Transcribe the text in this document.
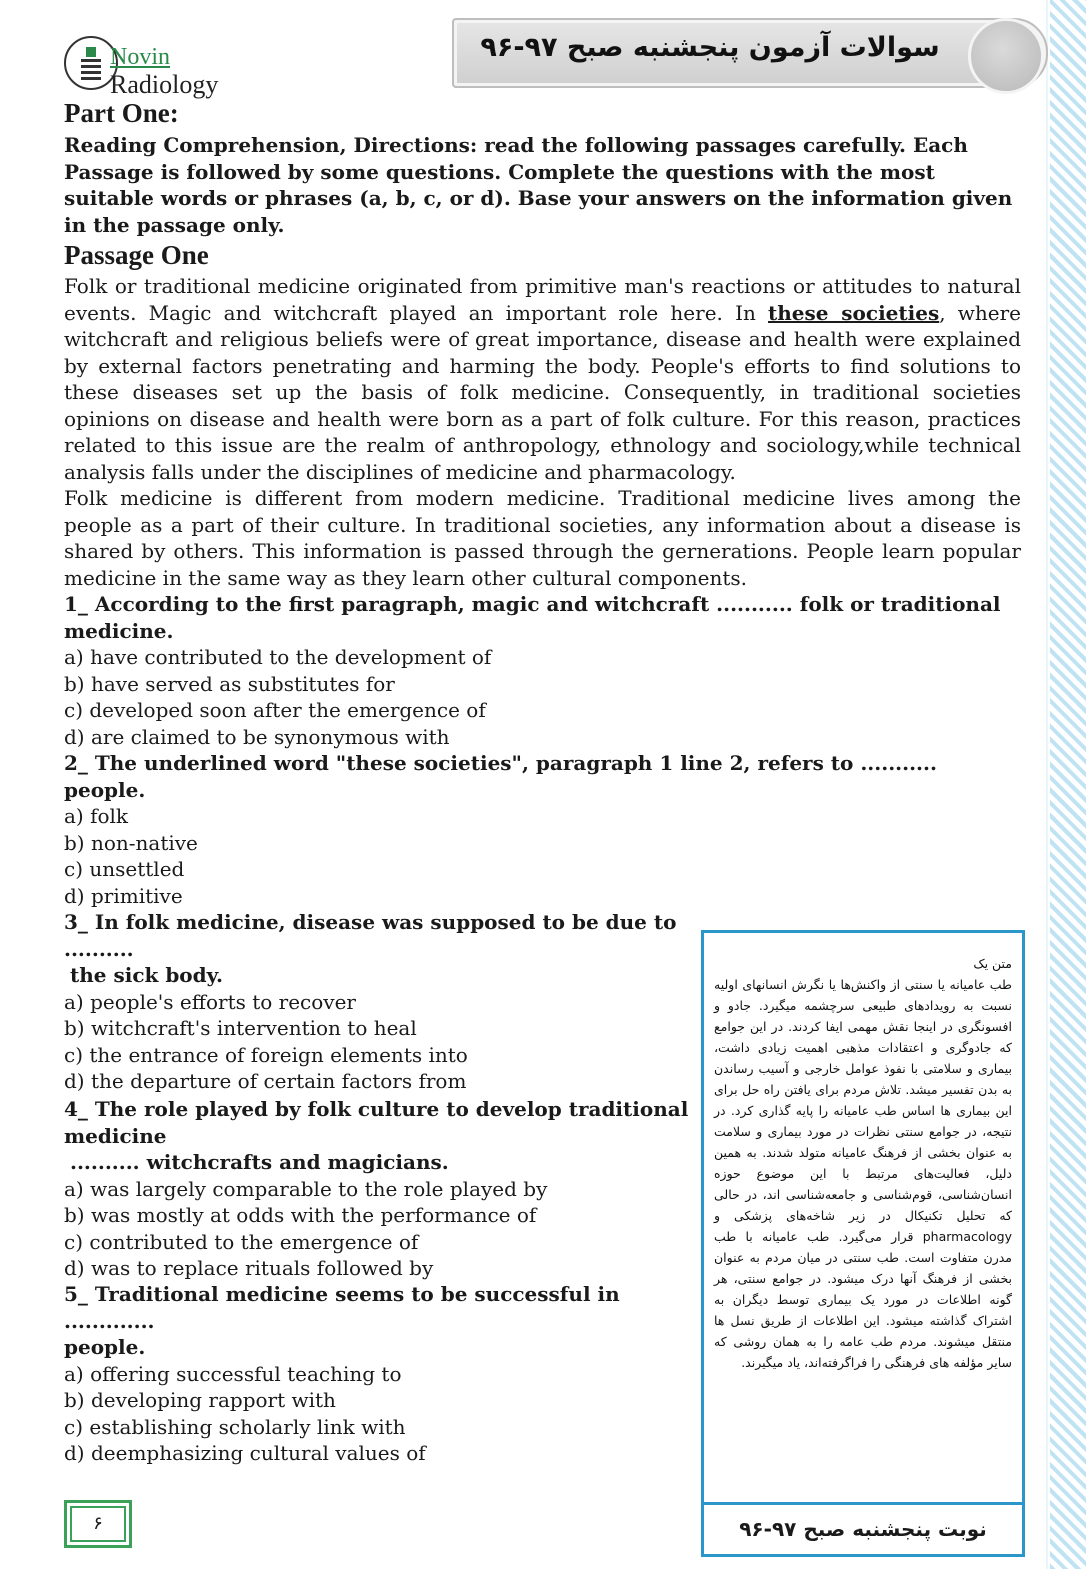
Novin
Radiology
سوالات آزمون پنجشنبه صبح ۹۷-۹۶
Part One:
Reading Comprehension, Directions: read the following passages carefully. Each Passage is followed by some questions. Complete the questions with the most suitable words or phrases (a, b, c, or d). Base your answers on the information given in the passage only.
Passage One

Folk or traditional medicine originated from primitive man's reactions or attitudes to natural events. Magic and witchcraft played an important role here. In these societies, where witchcraft and religious beliefs were of great importance, disease and health were explained by external factors penetrating and harming the body. People's efforts to find solutions to these diseases set up the basis of folk medicine. Consequently, in traditional societies opinions on disease and health were born as a part of folk culture. For this reason, practices related to this issue are the realm of anthropology, ethnology and sociology,while technical analysis falls under the disciplines of medicine and pharmacology.

Folk medicine is different from modern medicine. Traditional medicine lives among the people as a part of their culture. In traditional societies, any information about a disease is shared by others. This information is passed through the gernerations. People learn popular medicine in the same way as they learn other cultural components.

1_ According to the first paragraph, magic and witchcraft ........... folk or traditional medicine.
a) have contributed to the development of
b) have served as substitutes for
c) developed soon after the emergence of
d) are claimed to be synonymous with
2_ The underlined word "these societies", paragraph 1 line 2, refers to ........... people.
a) folk
b) non-native
c) unsettled
d) primitive
3_ In folk medicine, disease was supposed to be due to ..........
the sick body.
a) people's efforts to recover
b) witchcraft's intervention to heal
c) the entrance of foreign elements into
d) the departure of certain factors from
4_ The role played by folk culture to develop traditional medicine
.......... witchcrafts and magicians.
a) was largely comparable to the role played by
b) was mostly at odds with the performance of
c) contributed to the emergence of
d) was to replace rituals followed by
5_ Traditional medicine seems to be successful in .............
people.
a) offering successful teaching to
b) developing rapport with
c) establishing scholarly link with
d) deemphasizing cultural values of
متن یک
طب عامیانه یا سنتی از واکنش‌ها یا نگرش انسانهای اولیه نسبت به رویدادهای طبیعی سرچشمه میگیرد. جادو و افسونگری در اینجا نقش مهمی ایفا کردند. در این جوامع که جادوگری و اعتقادات مذهبی اهمیت زیادی داشت، بیماری و سلامتی با نفوذ عوامل خارجی و آسیب رساندن به بدن تفسیر میشد. تلاش مردم برای یافتن راه حل برای این بیماری ها اساس طب عامیانه را پایه گذاری کرد. در نتیجه، در جوامع سنتی نظرات در مورد بیماری و سلامت به عنوان بخشی از فرهنگ عامیانه متولد شدند. به همین دلیل، فعالیت‌های مرتبط با این موضوع حوزه انسان‌شناسی، قوم‌شناسی و جامعه‌شناسی اند، در حالی که تحلیل تکنیکال در زیر شاخه‌های پزشکی و pharmacology قرار می‌گیرد. طب عامیانه با طب مدرن متفاوت است. طب سنتی در میان مردم به عنوان بخشی از فرهنگ آنها درک میشود. در جوامع سنتی، هر گونه اطلاعات در مورد یک بیماری توسط دیگران به اشتراک گذاشته میشود. این اطلاعات از طریق نسل ها منتقل میشوند. مردم طب عامه را به همان روشی که سایر مؤلفه های فرهنگی را فراگرفته‌اند، یاد میگیرند.
نوبت پنجشنبه صبح ۹۷-۹۶
۶
